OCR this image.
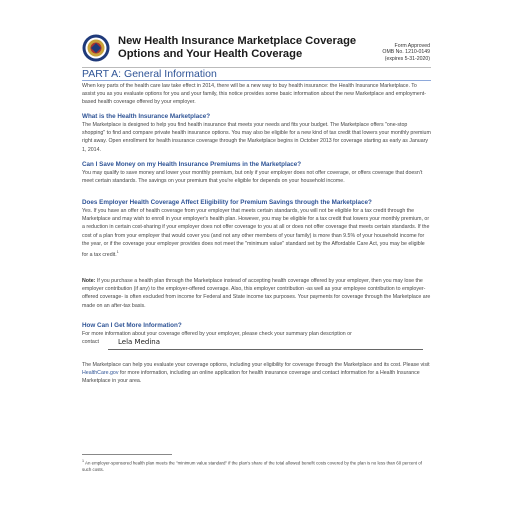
New Health Insurance Marketplace Coverage
Options and Your Health Coverage
Form Approved
OMB No. 1210-0149
(expires 5-31-2020)
PART A: General Information
When key parts of the health care law take effect in 2014, there will be a new way to buy health insurance: the Health Insurance Marketplace. To assist you as you evaluate options for you and your family, this notice provides some basic information about the new Marketplace and employment-based health coverage offered by your employer.
What is the Health Insurance Marketplace?
The Marketplace is designed to help you find health insurance that meets your needs and fits your budget. The Marketplace offers "one-stop shopping" to find and compare private health insurance options. You may also be eligible for a new kind of tax credit that lowers your monthly premium right away. Open enrollment for health insurance coverage through the Marketplace begins in October 2013 for coverage starting as early as January 1, 2014.
Can I Save Money on my Health Insurance Premiums in the Marketplace?
You may qualify to save money and lower your monthly premium, but only if your employer does not offer coverage, or offers coverage that doesn't meet certain standards. The savings on your premium that you're eligible for depends on your household income.
Does Employer Health Coverage Affect Eligibility for Premium Savings through the Marketplace?
Yes. If you have an offer of health coverage from your employer that meets certain standards, you will not be eligible for a tax credit through the Marketplace and may wish to enroll in your employer's health plan. However, you may be eligible for a tax credit that lowers your monthly premium, or a reduction in certain cost-sharing if your employer does not offer coverage to you at all or does not offer coverage that meets certain standards. If the cost of a plan from your employer that would cover you (and not any other members of your family) is more than 9.5% of your household income for the year, or if the coverage your employer provides does not meet the "minimum value" standard set by the Affordable Care Act, you may be eligible for a tax credit.$^1$
Note: If you purchase a health plan through the Marketplace instead of accepting health coverage offered by your employer, then you may lose the employer contribution (if any) to the employer-offered coverage. Also, this employer contribution -as well as your employee contribution to employer-offered coverage- is often excluded from income for Federal and State income tax purposes. Your payments for coverage through the Marketplace are made on an after-tax basis.
How Can I Get More Information?
For more information about your coverage offered by your employer, please check your summary plan description or
contact	Lela Medina
The Marketplace can help you evaluate your coverage options, including your eligibility for coverage through the Marketplace and its cost. Please visit HealthCare.gov for more information, including an online application for health insurance coverage and contact information for a Health Insurance Marketplace in your area.
$^1$ An employer-sponsored health plan meets the "minimum value standard" if the plan's share of the total allowed benefit costs covered by the plan is no less than 60 percent of such costs.
